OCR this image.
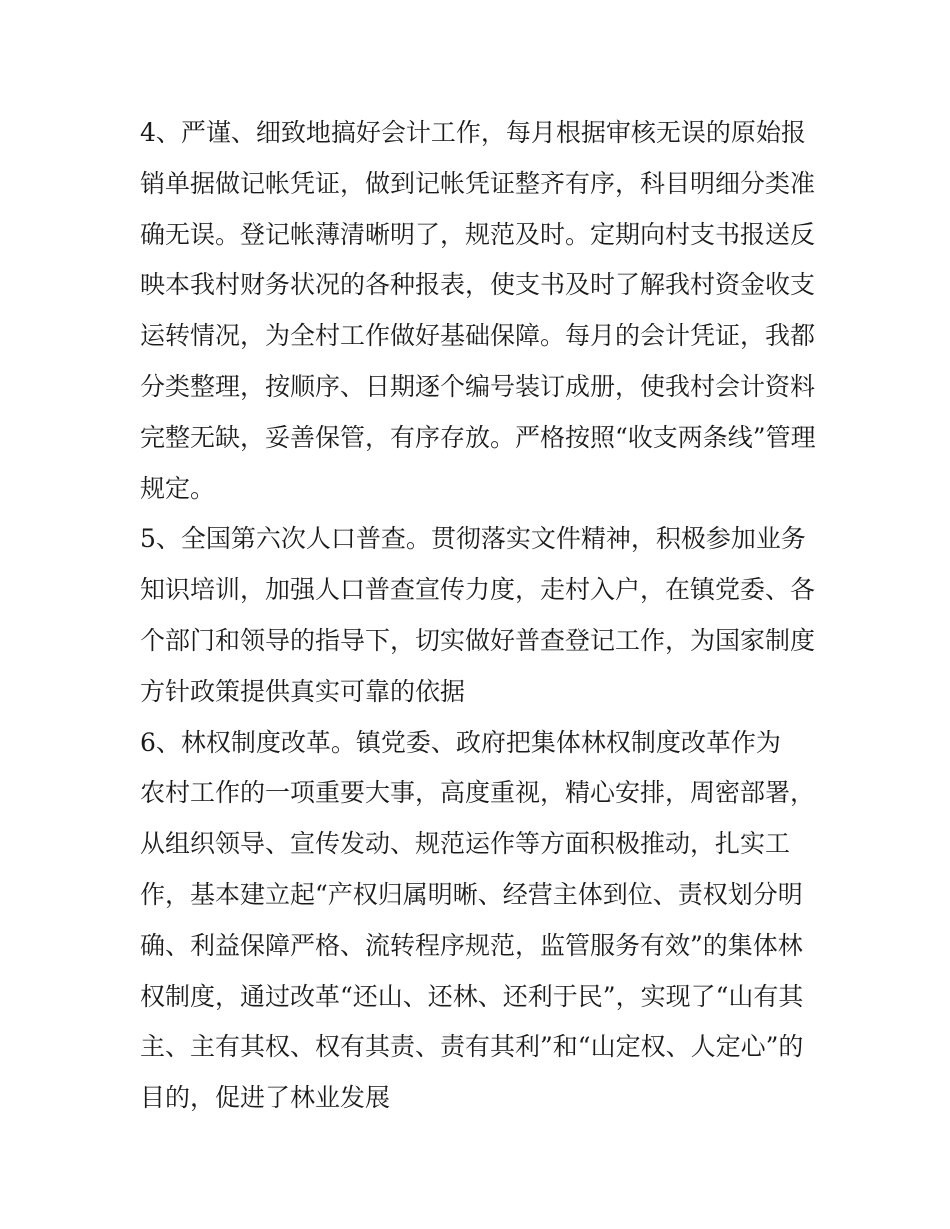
4、严谨、细致地搞好会计工作，每月根据审核无误的原始报
销单据做记帐凭证，做到记帐凭证整齐有序，科目明细分类准
确无误。登记帐薄清晰明了，规范及时。定期向村支书报送反
映本我村财务状况的各种报表，使支书及时了解我村资金收支
运转情况，为全村工作做好基础保障。每月的会计凭证，我都
分类整理，按顺序、日期逐个编号装订成册，使我村会计资料
完整无缺，妥善保管，有序存放。严格按照“收支两条线”管理
规定。
5、全国第六次人口普查。贯彻落实文件精神，积极参加业务
知识培训，加强人口普查宣传力度，走村入户，在镇党委、各
个部门和领导的指导下，切实做好普查登记工作，为国家制度
方针政策提供真实可靠的依据
6、林权制度改革。镇党委、政府把集体林权制度改革作为
农村工作的一项重要大事，高度重视，精心安排，周密部署，
从组织领导、宣传发动、规范运作等方面积极推动，扎实工
作，基本建立起“产权归属明晰、经营主体到位、责权划分明
确、利益保障严格、流转程序规范，监管服务有效”的集体林
权制度，通过改革“还山、还林、还利于民”，实现了“山有其
主、主有其权、权有其责、责有其利”和“山定权、人定心”的
目的，促进了林业发展
